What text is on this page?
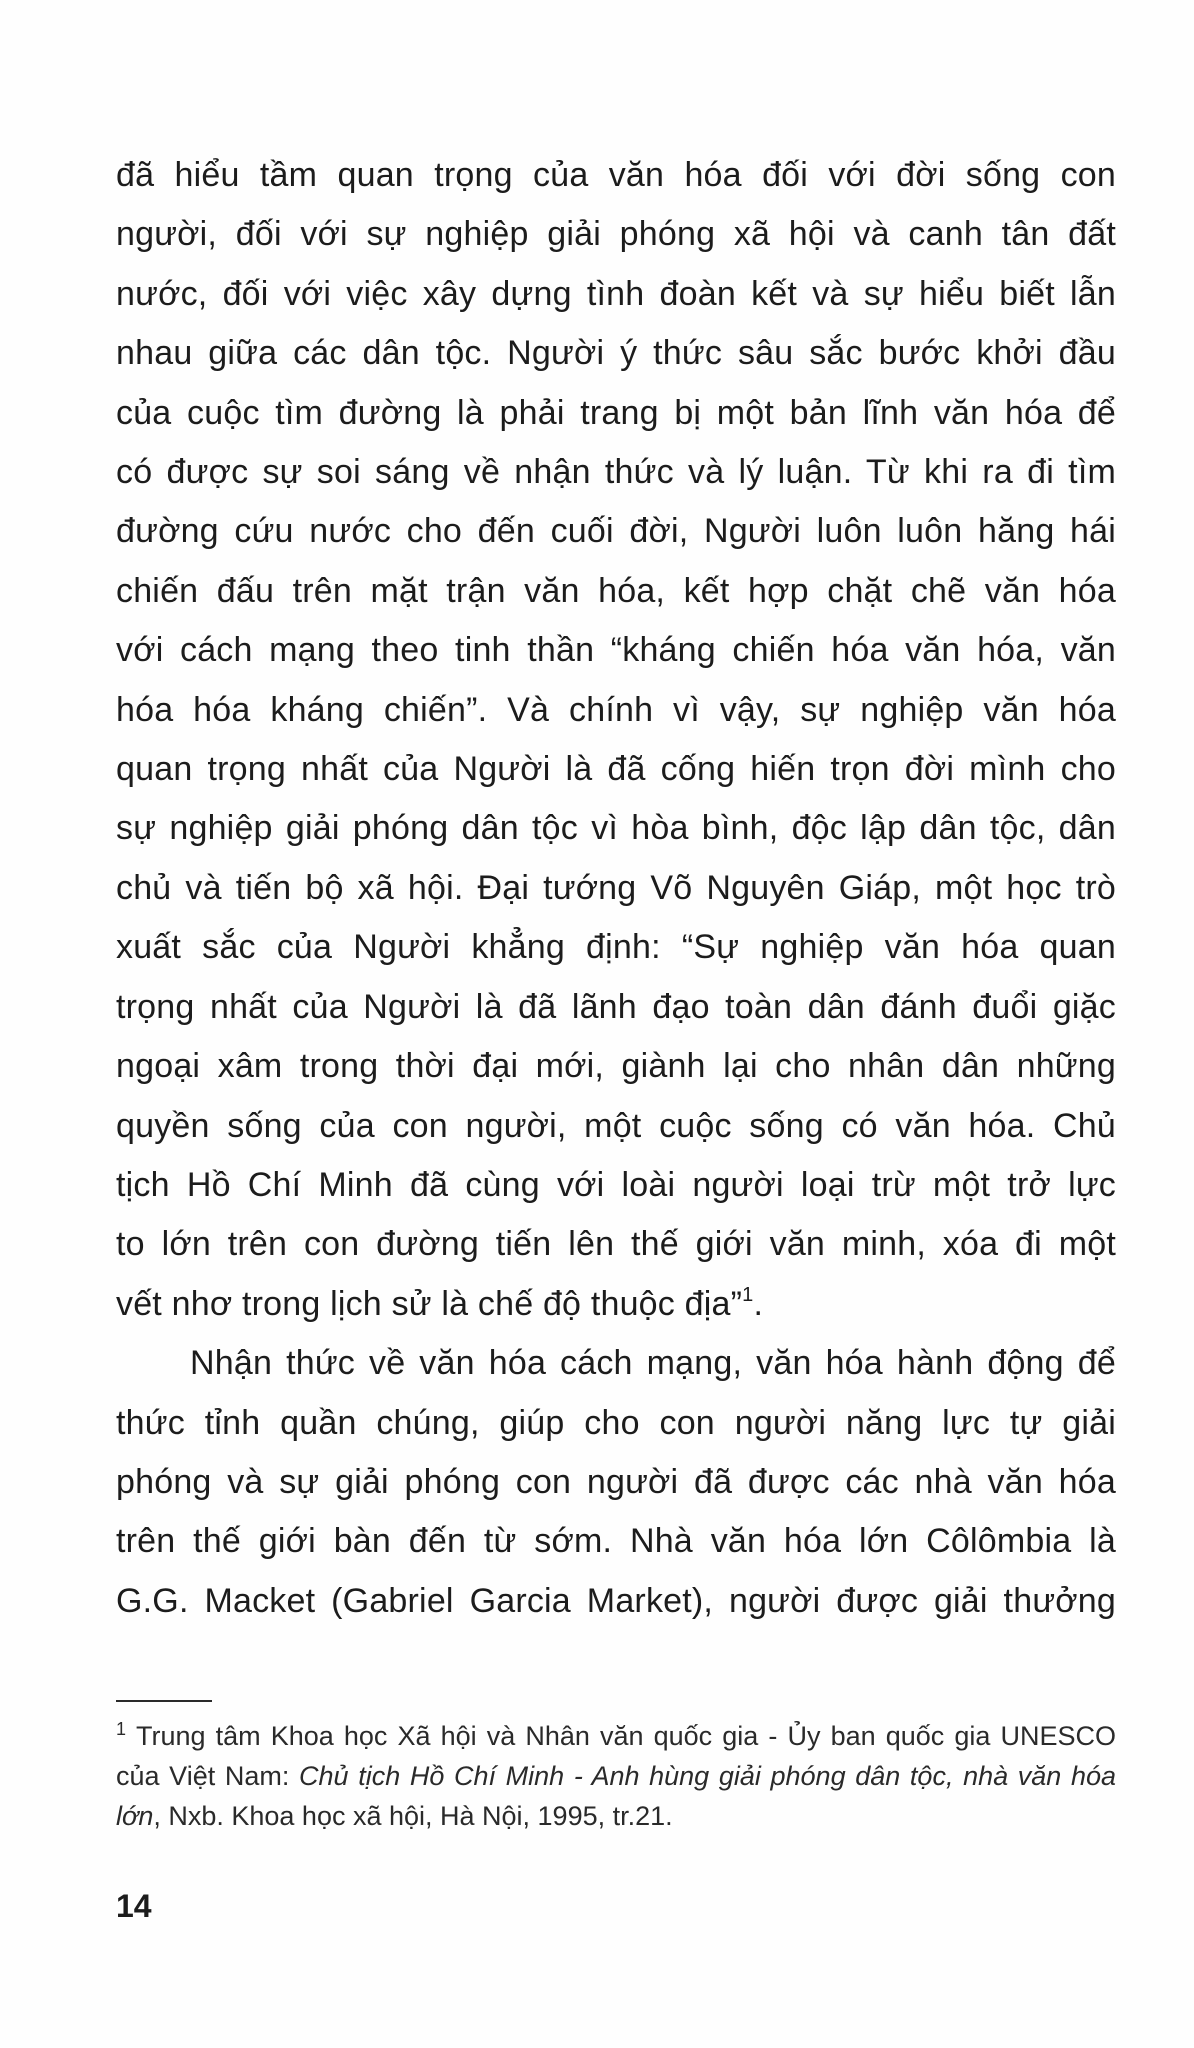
đã hiểu tầm quan trọng của văn hóa đối với đời sống con
người, đối với sự nghiệp giải phóng xã hội và canh tân đất
nước, đối với việc xây dựng tình đoàn kết và sự hiểu biết lẫn
nhau giữa các dân tộc. Người ý thức sâu sắc bước khởi đầu
của cuộc tìm đường là phải trang bị một bản lĩnh văn hóa để
có được sự soi sáng về nhận thức và lý luận. Từ khi ra đi tìm
đường cứu nước cho đến cuối đời, Người luôn luôn hăng hái
chiến đấu trên mặt trận văn hóa, kết hợp chặt chẽ văn hóa
với cách mạng theo tinh thần “kháng chiến hóa văn hóa, văn
hóa hóa kháng chiến”. Và chính vì vậy, sự nghiệp văn hóa
quan trọng nhất của Người là đã cống hiến trọn đời mình cho
sự nghiệp giải phóng dân tộc vì hòa bình, độc lập dân tộc, dân
chủ và tiến bộ xã hội. Đại tướng Võ Nguyên Giáp, một học trò
xuất sắc của Người khẳng định: “Sự nghiệp văn hóa quan
trọng nhất của Người là đã lãnh đạo toàn dân đánh đuổi giặc
ngoại xâm trong thời đại mới, giành lại cho nhân dân những
quyền sống của con người, một cuộc sống có văn hóa. Chủ
tịch Hồ Chí Minh đã cùng với loài người loại trừ một trở lực
to lớn trên con đường tiến lên thế giới văn minh, xóa đi một
vết nhơ trong lịch sử là chế độ thuộc địa”$^1$.

Nhận thức về văn hóa cách mạng, văn hóa hành động để
thức tỉnh quần chúng, giúp cho con người năng lực tự giải
phóng và sự giải phóng con người đã được các nhà văn hóa
trên thế giới bàn đến từ sớm. Nhà văn hóa lớn Côlômbia là
G.G. Macket (Gabriel Garcia Market), người được giải thưởng

$^1$ Trung tâm Khoa học Xã hội và Nhân văn quốc gia - Ủy ban quốc gia UNESCO của Việt Nam: Chủ tịch Hồ Chí Minh - Anh hùng giải phóng dân tộc, nhà văn hóa lớn, Nxb. Khoa học xã hội, Hà Nội, 1995, tr.21.
14
